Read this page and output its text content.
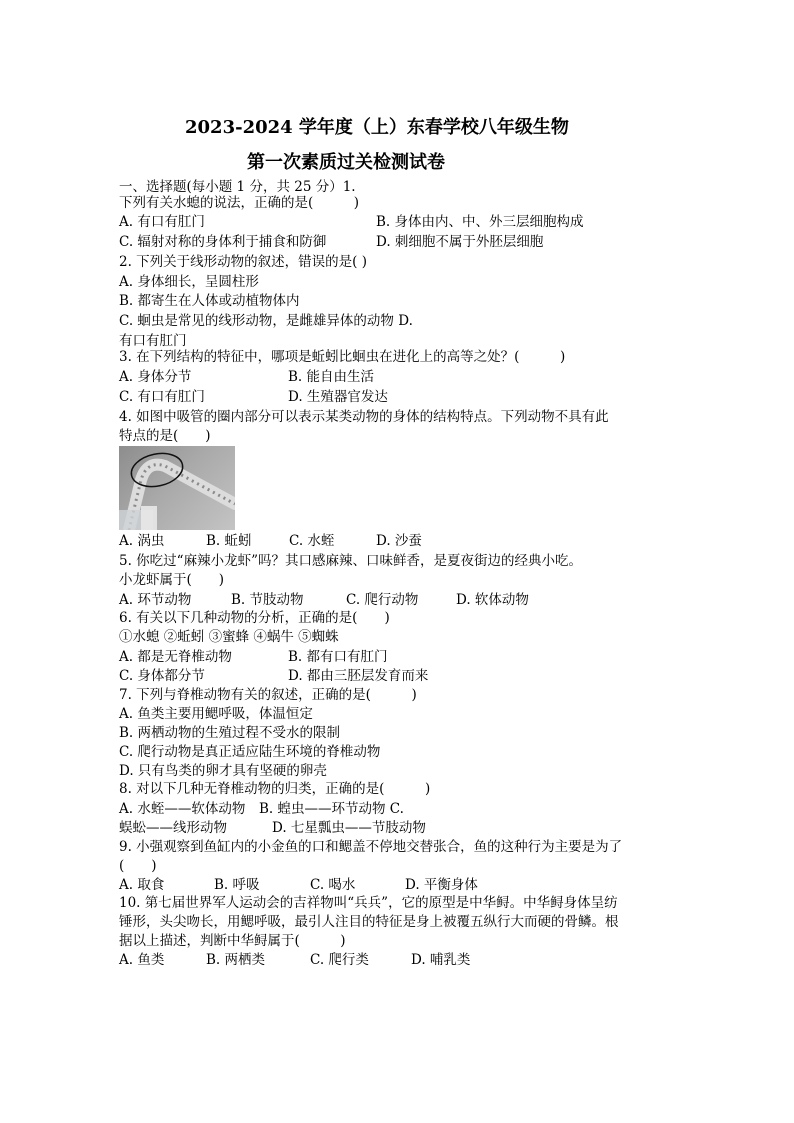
2023-2024 学年度（上）东春学校八年级生物
第一次素质过关检测试卷
一、选择题(每小题 1 分，共 25 分）1.
下列有关水螅的说法，正确的是(　　　)
A. 有口有肛门	B. 身体由内、中、外三层细胞构成
C. 辐射对称的身体利于捕食和防御	D. 刺细胞不属于外胚层细胞
2. 下列关于线形动物的叙述，错误的是( )
A. 身体细长，呈圆柱形
B. 都寄生在人体或动植物体内
C. 蛔虫是常见的线形动物，是雌雄异体的动物 D.
有口有肛门
3. 在下列结构的特征中，哪项是蚯蚓比蛔虫在进化上的高等之处？(　　　)
A. 身体分节	B. 能自由生活
C. 有口有肛门	D. 生殖器官发达
4. 如图中吸管的圈内部分可以表示某类动物的身体的结构特点。下列动物不具有此
特点的是(　　)
A. 涡虫	B. 蚯蚓	C. 水蛭	D. 沙蚕
5. 你吃过“麻辣小龙虾”吗？其口感麻辣、口味鲜香，是夏夜街边的经典小吃。
小龙虾属于(　　)
A. 环节动物	B. 节肢动物	C. 爬行动物	D. 软体动物
6. 有关以下几种动物的分析，正确的是(　　)
①水螅 ②蚯蚓 ③蜜蜂 ④蜗牛 ⑤蜘蛛
A. 都是无脊椎动物	B. 都有口有肛门
C. 身体都分节	D. 都由三胚层发育而来
7. 下列与脊椎动物有关的叙述，正确的是(　　　)
A. 鱼类主要用鳃呼吸，体温恒定
B. 两栖动物的生殖过程不受水的限制
C. 爬行动物是真正适应陆生环境的脊椎动物
D. 只有鸟类的卵才具有坚硬的卵壳
8. 对以下几种无脊椎动物的归类，正确的是(　　　)
A. 水蛭——软体动物 B. 蝗虫——环节动物 C.
蜈蚣——线形动物	D. 七星瓢虫——节肢动物
9. 小强观察到鱼缸内的小金鱼的口和鳃盖不停地交替张合，鱼的这种行为主要是为了
(　　)
A. 取食	B. 呼吸	C. 喝水	D. 平衡身体
10. 第七届世界军人运动会的吉祥物叫“兵兵”，它的原型是中华鲟。中华鲟身体呈纺
锤形，头尖吻长，用鳃呼吸，最引人注目的特征是身上被覆五纵行大而硬的骨鳞。根
据以上描述，判断中华鲟属于(　　　)
A. 鱼类	B. 两栖类	C. 爬行类	D. 哺乳类
